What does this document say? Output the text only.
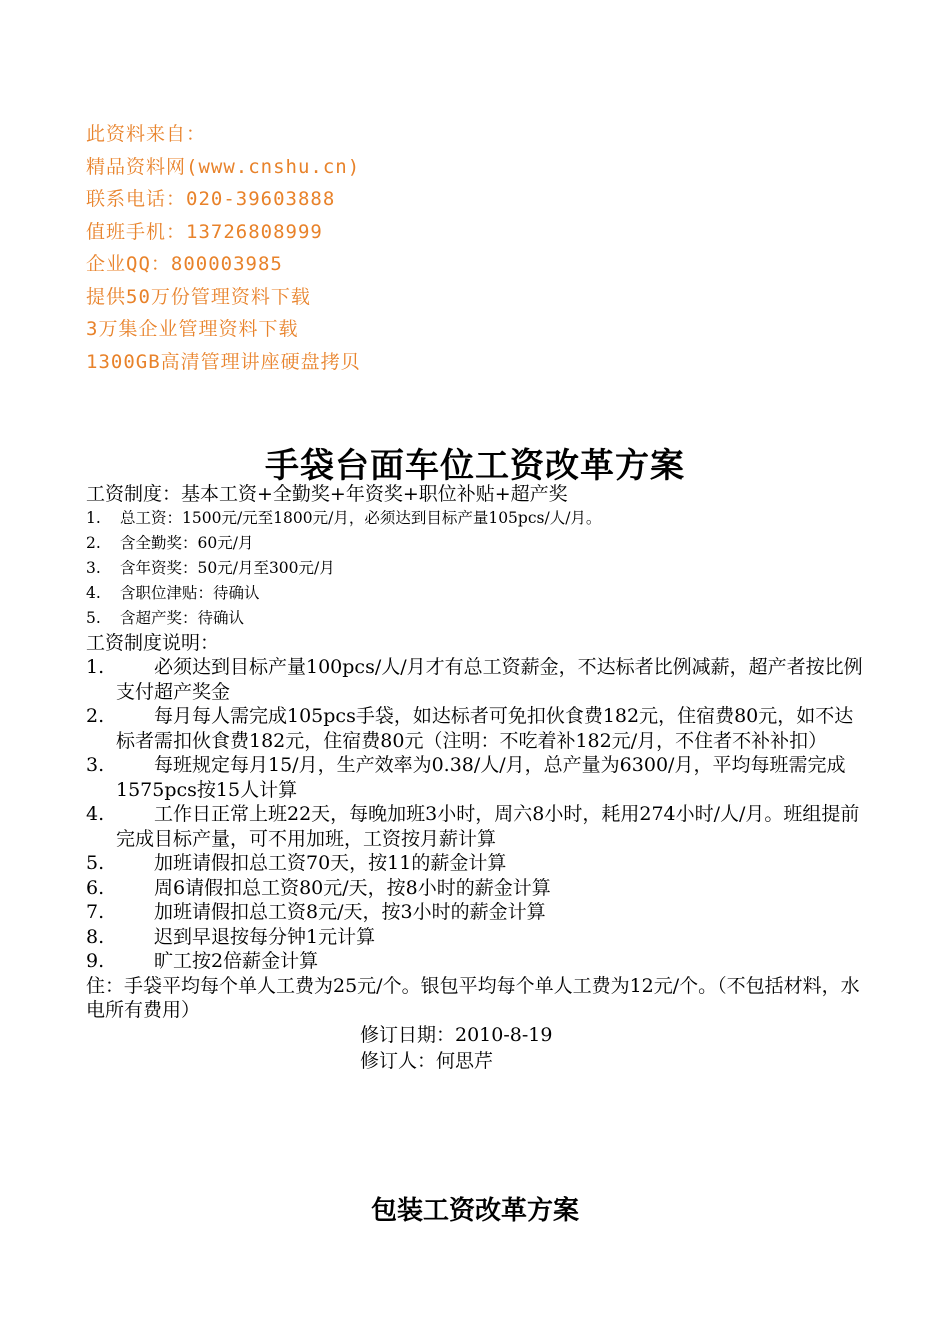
此资料来自：
精品资料网(www.cnshu.cn)
联系电话：020-39603888
值班手机：13726808999
企业QQ：800003985
提供50万份管理资料下载
3万集企业管理资料下载
1300GB高清管理讲座硬盘拷贝
手袋台面车位工资改革方案
工资制度：基本工资+全勤奖+年资奖+职位补贴+超产奖
1. 总工资：1500元/元至1800元/月，必须达到目标产量105pcs/人/月。
2. 含全勤奖：60元/月
3. 含年资奖：50元/月至300元/月
4. 含职位津贴：待确认
5. 含超产奖：待确认
工资制度说明：
1.	必须达到目标产量100pcs/人/月才有总工资薪金，不达标者比例减薪，超产者按比例支付超产奖金
2.	每月每人需完成105pcs手袋，如达标者可免扣伙食费182元，住宿费80元，如不达标者需扣伙食费182元，住宿费80元（注明：不吃着补182元/月，不住者不补补扣）
3.	每班规定每月15/月，生产效率为0.38/人/月，总产量为6300/月，平均每班需完成1575pcs按15人计算
4.	工作日正常上班22天，每晚加班3小时，周六8小时，耗用274小时/人/月。班组提前完成目标产量，可不用加班，工资按月薪计算
5.	加班请假扣总工资70天，按11的薪金计算
6.	周6请假扣总工资80元/天，按8小时的薪金计算
7.	加班请假扣总工资8元/天，按3小时的薪金计算
8.	迟到早退按每分钟1元计算
9.	旷工按2倍薪金计算
住：手袋平均每个单人工费为25元/个。银包平均每个单人工费为12元/个。（不包括材料，水电所有费用）
修订日期：2010-8-19
修订人：何思芹
包装工资改革方案
